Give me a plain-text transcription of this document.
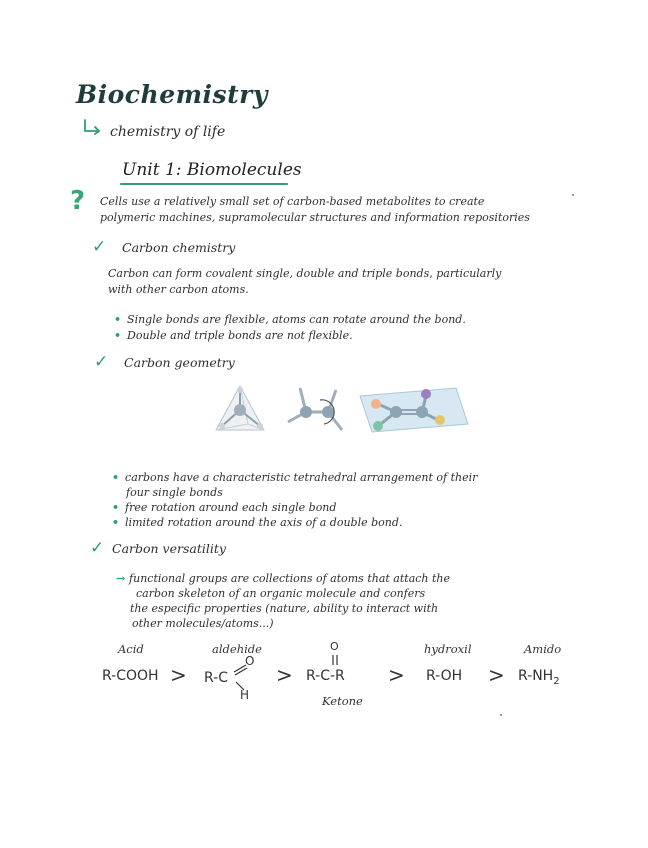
Biochemistry
chemistry of life
Unit 1: Biomolecules
? Cells use a relatively small set of carbon-based metabolites to create
polymeric machines, supramolecular structures and information repositories
✓ Carbon chemistry
Carbon can form covalent single, double and triple bonds, particularly
with other carbon atoms.
• Single bonds are flexible, atoms can rotate around the bond.
• Double and triple bonds are not flexible.
✓ Carbon geometry
• carbons have a characteristic tetrahedral arrangement of their
four single bonds
• free rotation around each single bond
• limited rotation around the axis of a double bond.
✓ Carbon versatility
→ functional groups are collections of atoms that attach the
carbon skeleton of an organic molecule and confers
the especific properties (nature, ability to interact with
other molecules/atoms...)
Acid	aldehide	hydroxil	Amido
R-COOH > R-C
O
H
>
O
R-C-R
Ketone
> $R-OH > R-NH_2$
